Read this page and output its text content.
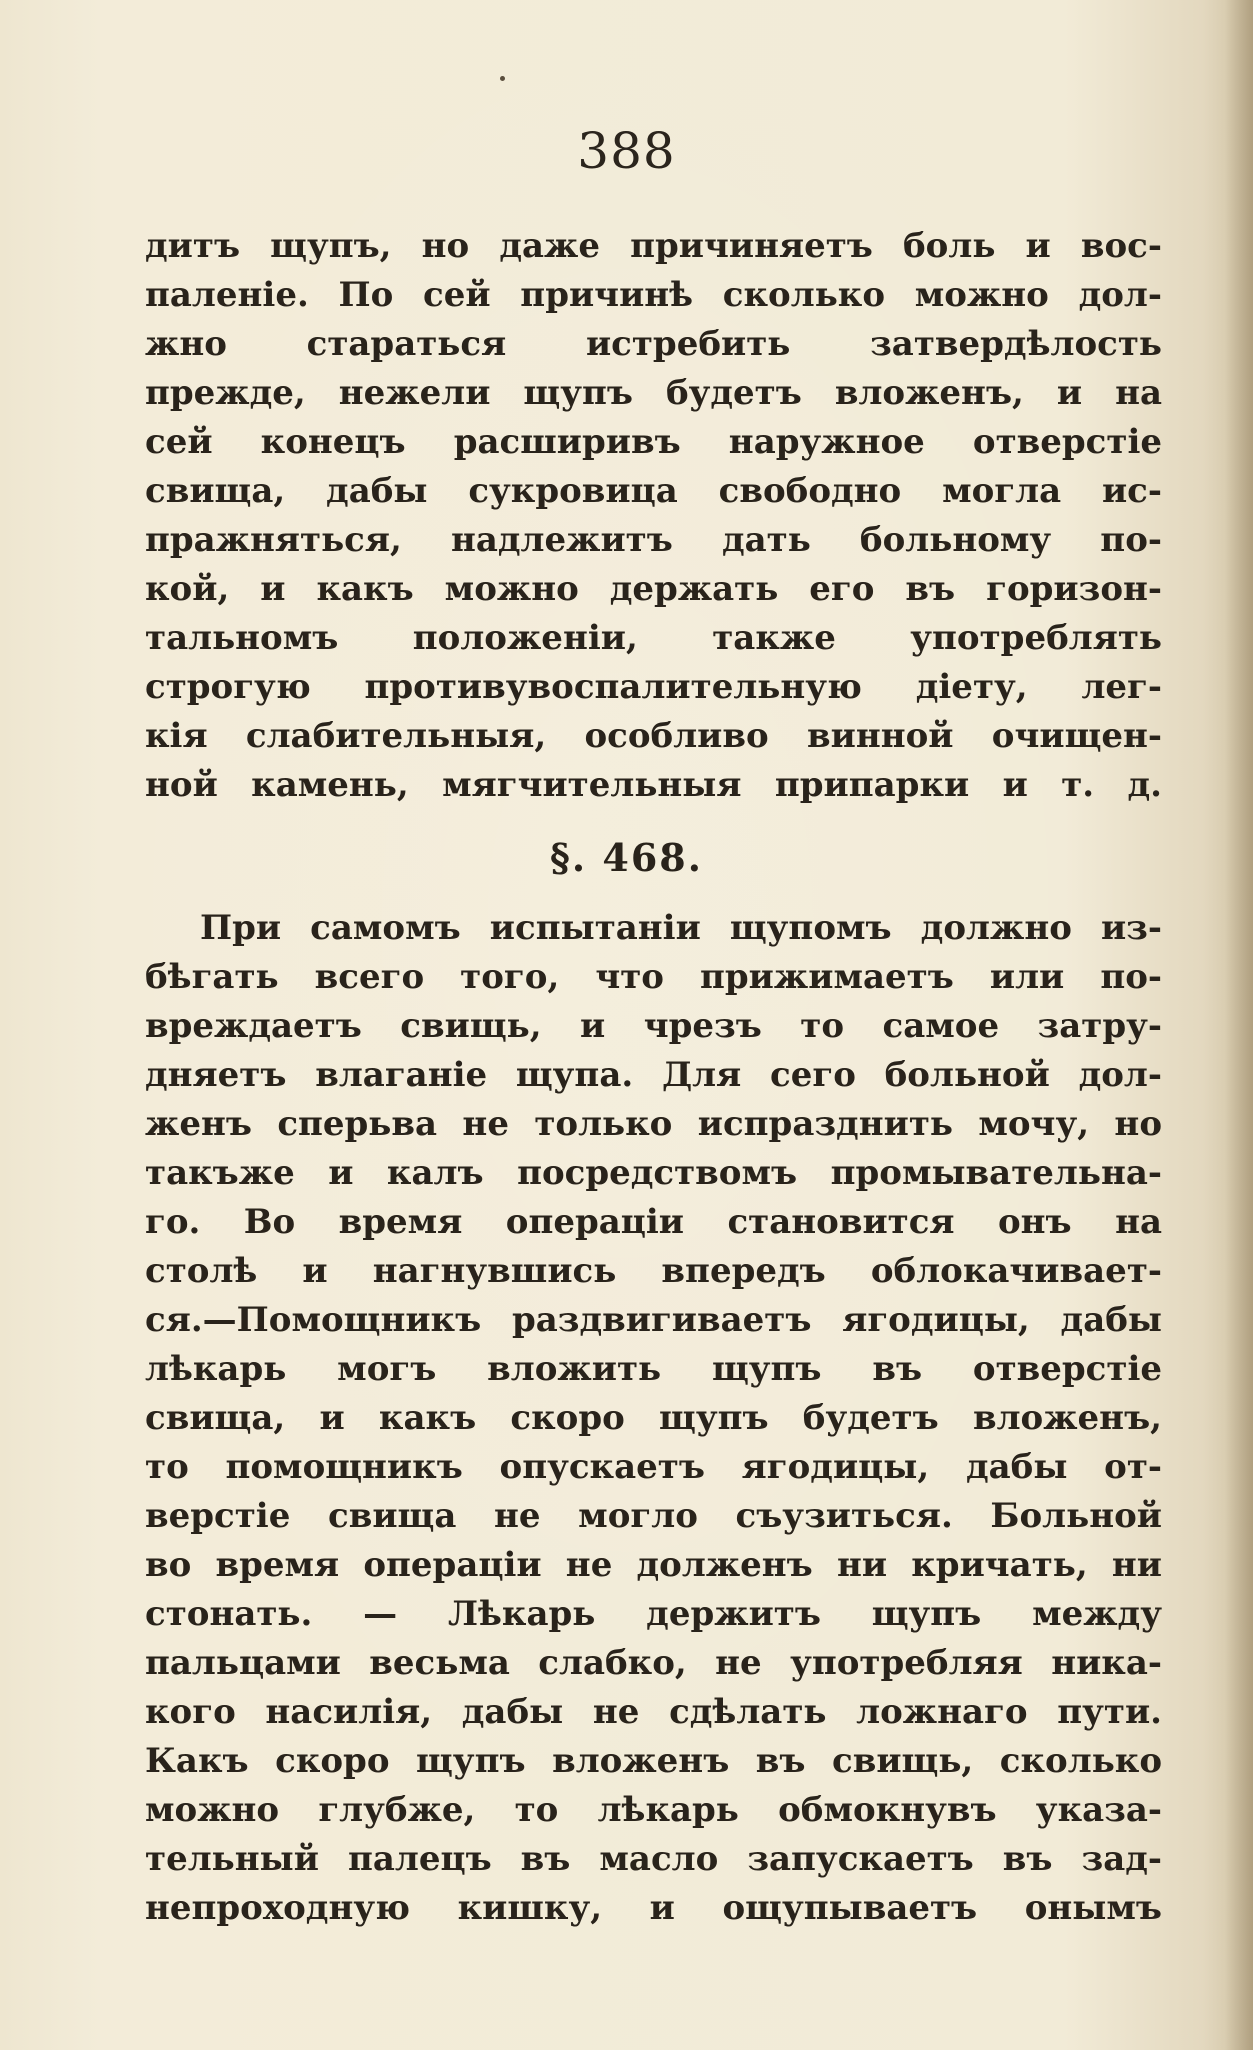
388
дитъ щупъ, но даже причиняетъ боль и вос-
паленіе. По сей причинѣ сколько можно дол-
жно стараться истребить затвердѣлость
прежде, нежели щупъ будетъ вложенъ, и на
сей конецъ расширивъ наружное отверстіе
свища, дабы сукровица свободно могла ис-
пражняться, надлежитъ дать больному по-
кой, и какъ можно держать его въ горизон-
тальномъ положеніи, также употреблять
строгую противувоспалительную діету, лег-
кія слабительныя, особливо винной очищен-
ной камень, мягчительныя припарки и т. д.
§. 468.
При самомъ испытаніи щупомъ должно из-
бѣгать всего того, что прижимаетъ или по-
вреждаетъ свищь, и чрезъ то самое затру-
дняетъ влаганіе щупа. Для сего больной дол-
женъ сперьва не только испразднить мочу, но
такъже и калъ посредствомъ промывательна-
го. Во время операціи становится онъ на
столѣ и нагнувшись впередъ облокачивает-
ся.—Помощникъ раздвигиваетъ ягодицы, дабы
лѣкарь могъ вложить щупъ въ отверстіе
свища, и какъ скоро щупъ будетъ вложенъ,
то помощникъ опускаетъ ягодицы, дабы от-
верстіе свища не могло съузиться. Больной
во время операціи не долженъ ни кричать, ни
стонать. — Лѣкарь держитъ щупъ между
пальцами весьма слабко, не употребляя ника-
кого насилія, дабы не сдѣлать ложнаго пути.
Какъ скоро щупъ вложенъ въ свищь, сколько
можно глубже, то лѣкарь обмокнувъ указа-
тельный палецъ въ масло запускаетъ въ зад-
непроходную кишку, и ощупываетъ онымъ
